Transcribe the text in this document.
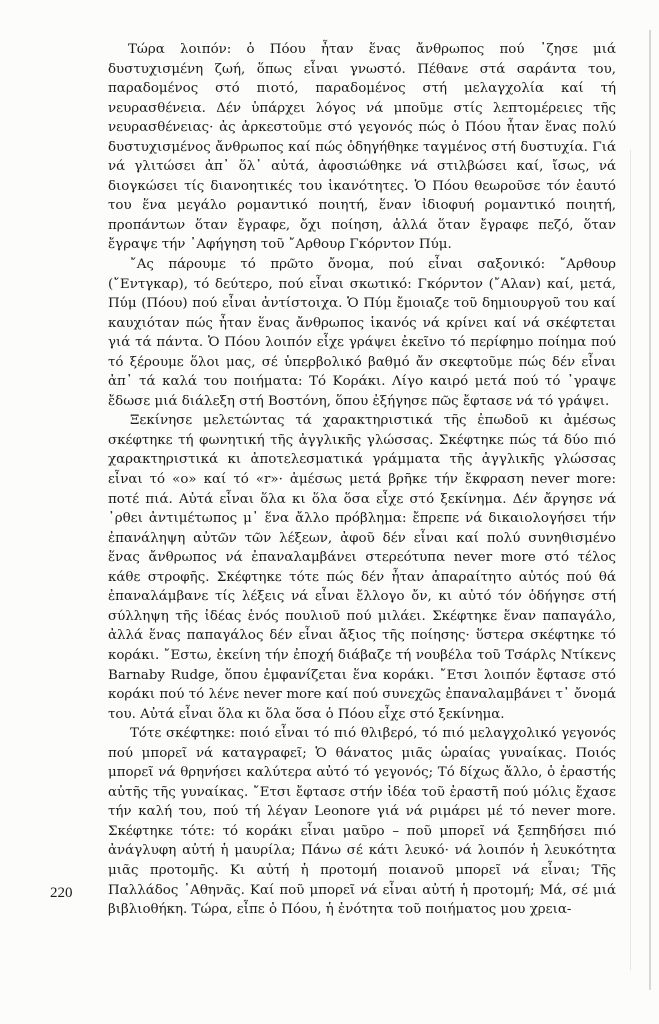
Τώρα λοιπόν: ὁ Πόου ἦταν ἕνας ἄνθρωπος πού ᾽ζησε μιά δυστυχισμένη ζωή, ὅπως εἶναι γνωστό. Πέθανε στά σαράντα του, παραδομένος στό πιοτό, παραδομένος στή μελαγχολία καί τή νευρασθένεια. Δέν ὑπάρχει λόγος νά μποῦμε στίς λεπτομέρειες τῆς νευρασθένειας· ἀς ἀρκεστοῦμε στό γεγονός πώς ὁ Πόου ἦταν ἕνας πολύ δυστυχισμένος ἄνθρωπος καί πώς ὁδηγήθηκε ταγμένος στή δυστυχία. Γιά νά γλιτώσει ἀπ᾽ ὅλ᾽ αὐτά, ἀφοσιώθηκε νά στιλβώσει καί, ἴσως, νά διογκώσει τίς διανοητικές του ἱκανότητες. Ὁ Πόου θεωροῦσε τόν ἑαυτό του ἕνα μεγάλο ρομαντικό ποιητή, ἕναν ἰδιοφυή ρομαντικό ποιητή, προπάντων ὅταν ἔγραφε, ὄχι ποίηση, ἀλλά ὅταν ἔγραφε πεζό, ὅταν ἔγραψε τήν ᾽Αφήγηση τοῦ ῎Αρθουρ Γκόρντον Πύμ.

῎Ας πάρουμε τό πρῶτο ὄνομα, πού εἶναι σαξονικό: ῎Αρθουρ (῎Εντγκαρ), τό δεύτερο, πού εἶναι σκωτικό: Γκόρντον (῎Αλαν) καί, μετά, Πύμ (Πόου) πού εἶναι ἀντίστοιχα. Ὁ Πύμ ἔμοιαζε τοῦ δημιουργοῦ του καί καυχιόταν πώς ἦταν ἕνας ἄνθρωπος ἱκανός νά κρίνει καί νά σκέφτεται γιά τά πάντα. Ὁ Πόου λοιπόν εἶχε γράψει ἐκεῖνο τό περίφημο ποίημα πού τό ξέρουμε ὅλοι μας, σέ ὑπερβολικό βαθμό ἄν σκεφτοῦμε πώς δέν εἶναι ἀπ᾽ τά καλά του ποιήματα: Τό Κοράκι. Λίγο καιρό μετά πού τό ᾽γραψε ἔδωσε μιά διάλεξη στή Βοστόνη, ὅπου ἐξήγησε πῶς ἔφτασε νά τό γράψει.

Ξεκίνησε μελετώντας τά χαρακτηριστικά τῆς ἐπωδοῦ κι ἀμέσως σκέφτηκε τή φωνητική τῆς ἀγγλικῆς γλώσσας. Σκέφτηκε πώς τά δύο πιό χαρακτηριστικά κι ἀποτελεσματικά γράμματα τῆς ἀγγλικῆς γλώσσας εἶναι τό «ο» καί τό «r»· ἀμέσως μετά βρῆκε τήν ἔκφραση never more: ποτέ πιά. Αὐτά εἶναι ὅλα κι ὅλα ὅσα εἶχε στό ξεκίνημα. Δέν ἄργησε νά ᾽ρθει ἀντιμέτωπος μ᾽ ἕνα ἄλλο πρόβλημα: ἔπρεπε νά δικαιολογήσει τήν ἐπανάληψη αὐτῶν τῶν λέξεων, ἀφοῦ δέν εἶναι καί πολύ συνηθισμένο ἕνας ἄνθρωπος νά ἐπαναλαμβάνει στερεότυπα never more στό τέλος κάθε στροφῆς. Σκέφτηκε τότε πώς δέν ἦταν ἀπαραίτητο αὐτός πού θά ἐπαναλάμβανε τίς λέξεις νά εἶναι ἔλλογο ὄν, κι αὐτό τόν ὁδήγησε στή σύλληψη τῆς ἰδέας ἑνός πουλιοῦ πού μιλάει. Σκέφτηκε ἕναν παπαγάλο, ἀλλά ἕνας παπαγάλος δέν εἶναι ἄξιος τῆς ποίησης· ὕστερα σκέφτηκε τό κοράκι. ῎Εστω, ἐκείνη τήν ἐποχή διάβαζε τή νουβέλα τοῦ Τσάρλς Ντίκενς Barnaby Rudge, ὅπου ἐμφανίζεται ἕνα κοράκι. ῎Ετσι λοιπόν ἔφτασε στό κοράκι πού τό λένε never more καί πού συνεχῶς ἐπαναλαμβάνει τ᾽ ὄνομά του. Αὐτά εἶναι ὅλα κι ὅλα ὅσα ὁ Πόου εἶχε στό ξεκίνημα.

Τότε σκέφτηκε: ποιό εἶναι τό πιό θλιβερό, τό πιό μελαγχολικό γεγονός πού μπορεῖ νά καταγραφεῖ; Ὁ θάνατος μιᾶς ὡραίας γυναίκας. Ποιός μπορεῖ νά θρηνήσει καλύτερα αὐτό τό γεγονός; Τό δίχως ἄλλο, ὁ ἐραστής αὐτῆς τῆς γυναίκας. ῎Ετσι ἔφτασε στήν ἰδέα τοῦ ἐραστῆ πού μόλις ἔχασε τήν καλή του, πού τή λέγαν Leonore γιά νά ριμάρει μέ τό never more. Σκέφτηκε τότε: τό κοράκι εἶναι μαῦρο – ποῦ μπορεῖ νά ξεπηδήσει πιό ἀνάγλυφη αὐτή ἡ μαυρίλα; Πάνω σέ κάτι λευκό· νά λοιπόν ἡ λευκότητα μιᾶς προτομῆς. Κι αὐτή ἡ προτομή ποιανοῦ μπορεῖ νά εἶναι; Τῆς Παλλάδος ᾽Αθηνᾶς. Καί ποῦ μπορεῖ νά εἶναι αὐτή ἡ προτομή; Μά, σέ μιά βιβλιοθήκη. Τώρα, εἶπε ὁ Πόου, ἡ ἑνότητα τοῦ ποιήματος μου χρεια-

220
